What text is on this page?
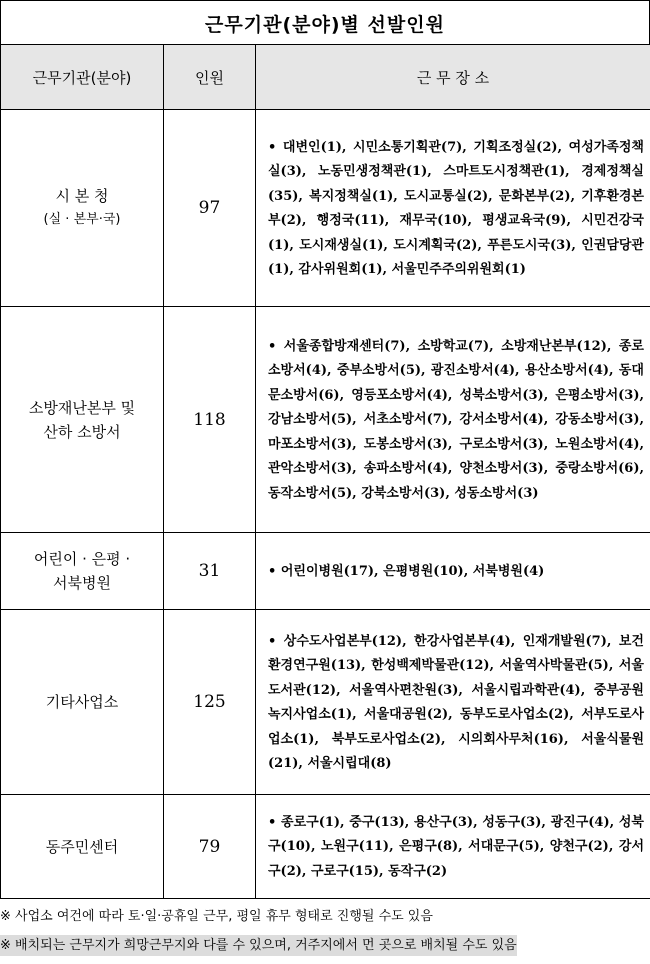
근무기관(분야)별 선발인원
근무기관(분야)	인원	근 무 장 소

시 본 청
(실 · 본부·국)	97	• 대변인(1), 시민소통기획관(7), 기획조정실(2), 여성가족정책실(3), 노동민생정책관(1), 스마트도시정책관(1), 경제정책실(35), 복지정책실(1), 도시교통실(2), 문화본부(2), 기후환경본부(2), 행정국(11), 재무국(10), 평생교육국(9), 시민건강국(1), 도시재생실(1), 도시계획국(2), 푸른도시국(3), 인권담당관(1), 감사위원회(1), 서울민주주의위원회(1)

소방재난본부 및
산하 소방서	118	• 서울종합방재센터(7), 소방학교(7), 소방재난본부(12), 종로소방서(4), 중부소방서(5), 광진소방서(4), 용산소방서(4), 동대문소방서(6), 영등포소방서(4), 성북소방서(3), 은평소방서(3), 강남소방서(5), 서초소방서(7), 강서소방서(4), 강동소방서(3), 마포소방서(3), 도봉소방서(3), 구로소방서(3), 노원소방서(4), 관악소방서(3), 송파소방서(4), 양천소방서(3), 중랑소방서(6), 동작소방서(5), 강북소방서(3), 성동소방서(3)

어린이 · 은평 ·
서북병원	31	• 어린이병원(17), 은평병원(10), 서북병원(4)

기타사업소	125	• 상수도사업본부(12), 한강사업본부(4), 인재개발원(7), 보건환경연구원(13), 한성백제박물관(12), 서울역사박물관(5), 서울도서관(12), 서울역사편찬원(3), 서울시립과학관(4), 중부공원녹지사업소(1), 서울대공원(2), 동부도로사업소(2), 서부도로사업소(1), 북부도로사업소(2), 시의회사무처(16), 서울식물원(21), 서울시립대(8)

동주민센터	79	• 종로구(1), 중구(13), 용산구(3), 성동구(3), 광진구(4), 성북구(10), 노원구(11), 은평구(8), 서대문구(5), 양천구(2), 강서구(2), 구로구(15), 동작구(2)
※ 사업소 여건에 따라 토·일·공휴일 근무, 평일 휴무 형태로 진행될 수도 있음
※ 배치되는 근무지가 희망근무지와 다를 수 있으며, 거주지에서 먼 곳으로 배치될 수도 있음
